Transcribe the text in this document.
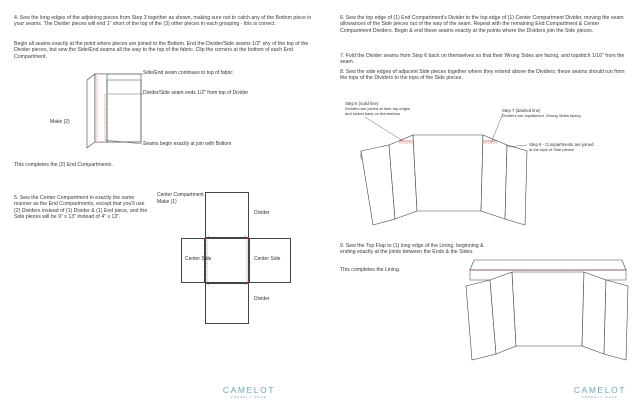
4. Sew the long edges of the adjoining pieces from Step 3 together as shown, making sure not to catch any of the Bottom piece in your seams. The Divider pieces will end 1" short of the top of the (3) other pieces in each grouping - this is correct.

Begin all seams exactly at the point where pieces are joined to the Bottom. End the Divider/Side seams 1/2" shy of the top of the Divider pieces, but sew the Side/End seams all the way to the top of the fabric. Clip the corners at the bottom of each End Compartment.

Side/End seam continues to top of fabric
Divider/Side seam ends 1/2" from top of Divider
Make (2)
Seams begin exactly at join with Bottom

This completes the (2) End Compartments.

5. Sew the Center Compartment in exactly the same manner as the End Compartments, except that you'll use (2) Dividers instead of (1) Divider & (1) End piece, and the Side pieces will be 9" x 13" instead of 4" x 13".

Center Compartment
Make (1)
Divider
Center Side	Center Side
Divider
CAMELOT
FREEDLY MADE

6. Sew the top edge of (1) End Compartment's Divider to the top edge of (1) Center Compartment Divider, moving the seam allowances of the Side pieces out of the way of the seam. Repeat with the remaining End Compartment & Center Compartment Dividers. Begin & end these seams exactly at the points where the Dividers join the Side pieces.

7. Fold the Divider seams from Step 6 back on themselves so that their Wrong Sides are facing, and topstitch 1/16" from the seam.

8. Sew the side edges of adjacent Side pieces together where they extend above the Dividers; these seams should run from the tops of the Dividers to the tops of the Side pieces.

Step 6 (solid line)
Dividers are joined at their top edges
and folded back on themselves
Step 7 (dashed line)
Dividers are topstitched, Wrong Sides facing
Step 8 - Compartments are joined
at the tops of Side pieces

9. Sew the Top Flap to (1) long edge of the Lining, beginning & ending exactly at the joints between the Ends & the Sides.

This completes the Lining.

CAMELOT
FREEDLY MADE
